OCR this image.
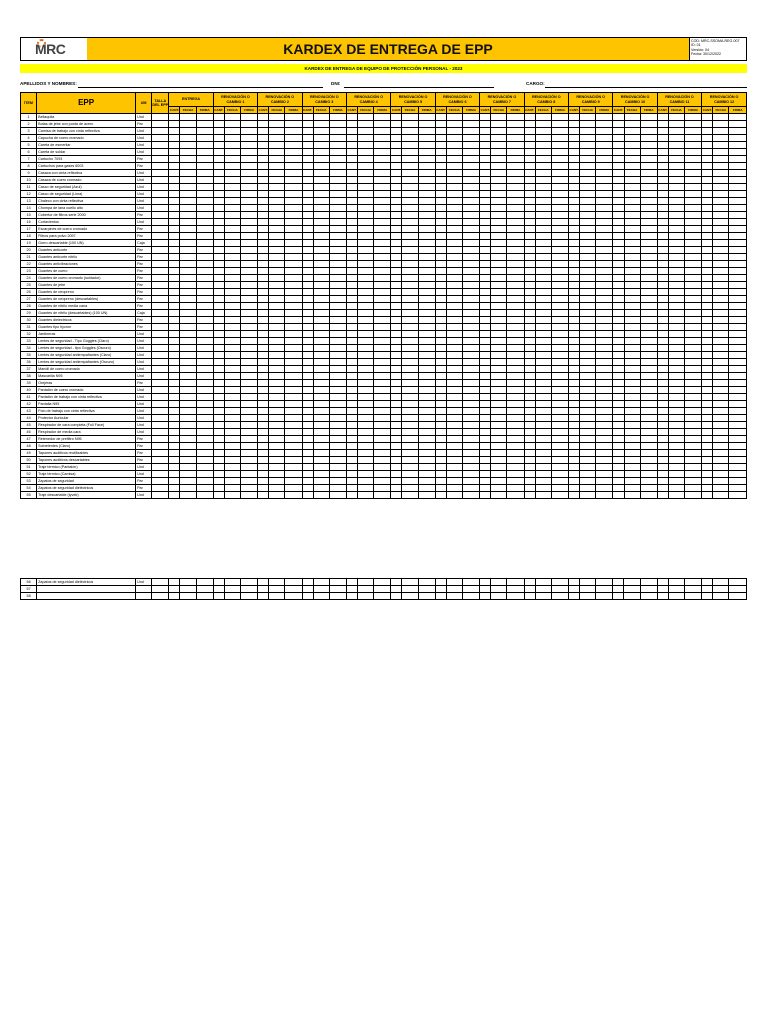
MRC	KARDEX DE ENTREGA DE EPP	COD: MRC-SSOMA-REG-007
ID: 01
Versión: 04
Fecha: 30/12/2022
KARDEX DE ENTREGA DE EQUIPO DE PROTECCIÓN PERSONAL - 2023
APELLIDOS Y NOMBRES:	DNI:	CARGO:
ÍTEM	EPP	UM	TALLA DEL EPP	ENTREGA			RENOVACIÓN O CAMBIO 1			RENOVACIÓN O CAMBIO 2			RENOVACIÓN O CAMBIO 3			RENOVACIÓN O CAMBIO 4			RENOVACIÓN O CAMBIO 5			RENOVACIÓN O CAMBIO 6			RENOVACIÓN O CAMBIO 7			RENOVACIÓN O CAMBIO 8			RENOVACIÓN O CAMBIO 9			RENOVACIÓN O CAMBIO 10			RENOVACIÓN O CAMBIO 11			RENOVACIÓN O CAMBIO 12		
				CANT.	FECHA	FIRMA	CANT.	FECHA	FIRMA	CANT.	FECHA	FIRMA	CANT.	FECHA	FIRMA	CANT.	FECHA	FIRMA	CANT.	FECHA	FIRMA	CANT.	FECHA	FIRMA	CANT.	FECHA	FIRMA	CANT.	FECHA	FIRMA	CANT.	FECHA	FIRMA	CANT.	FECHA	FIRMA	CANT.	FECHA	FIRMA	CANT.	FECHA	FIRMA
1	Bellaquita	Und																																								
2	Botas de jebe con punta de acero	Par																																								
3	Camisa de trabajo con cinta reflectiva	Und																																								
4	Capucha de cuero cromado	Und																																								
5	Careta de esmerilar	Und																																								
6	Careta de soldar	Und																																								
7	Cartucho 7093	Par																																								
8	Cartuchos para gases 6003	Par																																								
9	Casaca con cinta reflectiva	Und																																								
10	Casaca de cuero cromado	Und																																								
11	Casco de seguridad (Azul)	Und																																								
12	Casco de seguridad (Lima)	Und																																								
13	Chaleco con cinta reflectiva	Und																																								
14	Chompa de lana cuello alto	Und																																								
15	Cobertor de filtros serie 2000	Par																																								
16	Cortavientos	Und																																								
17	Escarpines de cuero cromado	Par																																								
18	Filtros para polvo 2097	Par																																								
19	Gorro descartable (100 UN)	Caja																																								
20	Guantes anticorte	Par																																								
21	Guantes anticorte nitrilo	Par																																								
22	Guantes antivibraciones	Par																																								
23	Guantes de cuero	Par																																								
24	Guantes de cuero cromado (soldador)	Par																																								
25	Guantes de jebe	Par																																								
26	Guantes de neopreno	Par																																								
27	Guantes de neopreno (descartables)	Par																																								
28	Guantes de nitrilo media cana	Par																																								
29	Guantes de nitrilo (descartables) (100 UN)	Caja																																								
30	Guantes dielectricos	Par																																								
31	Guantes tipo hycron	Par																																								
32	Jardineras	Und																																								
33	Lentes de seguridad - Tipo Goggles (Claro)	Und																																								
34	Lentes de seguridad - tipo Goggles (Oscuro)	Und																																								
35	Lentes de seguridad antiempañantes (Claro)	Und																																								
36	Lentes de seguridad antiempañantes (Oscuro)	Und																																								
37	Mandil de cuero cromado	Und																																								
38	Mascarilla N95	Und																																								
39	Orejeras	Par																																								
40	Pantalón de cuero cromado	Und																																								
41	Pantalón de trabajo con cinta reflectiva	Und																																								
42	Pantalla N95	Und																																								
43	Polo de trabajo con cinta reflectiva	Und																																								
44	Protector Auricular	Und																																								
45	Respirador de cara completa (Full Face)	Und																																								
46	Respirador de media cara	Und																																								
47	Retenedor de prefiltro N95	Par																																								
48	Sobrelentes (Claro)	Par																																								
49	Tapones auditivos reutilizables	Par																																								
50	Tapones auditivos descartables	Par																																								
51	Traje térmico (Pantalón)	Und																																								
52	Traje térmico (Camisa)	Und																																								
53	Zapatos de seguridad	Par																																								
54	Zapatos de seguridad dieléctricos	Par																																								
55	Traje descartable (tyvek)	Und																																								
56	Zapatos de seguridad dieléctricos	Und																																								
57																																										
58																																										
